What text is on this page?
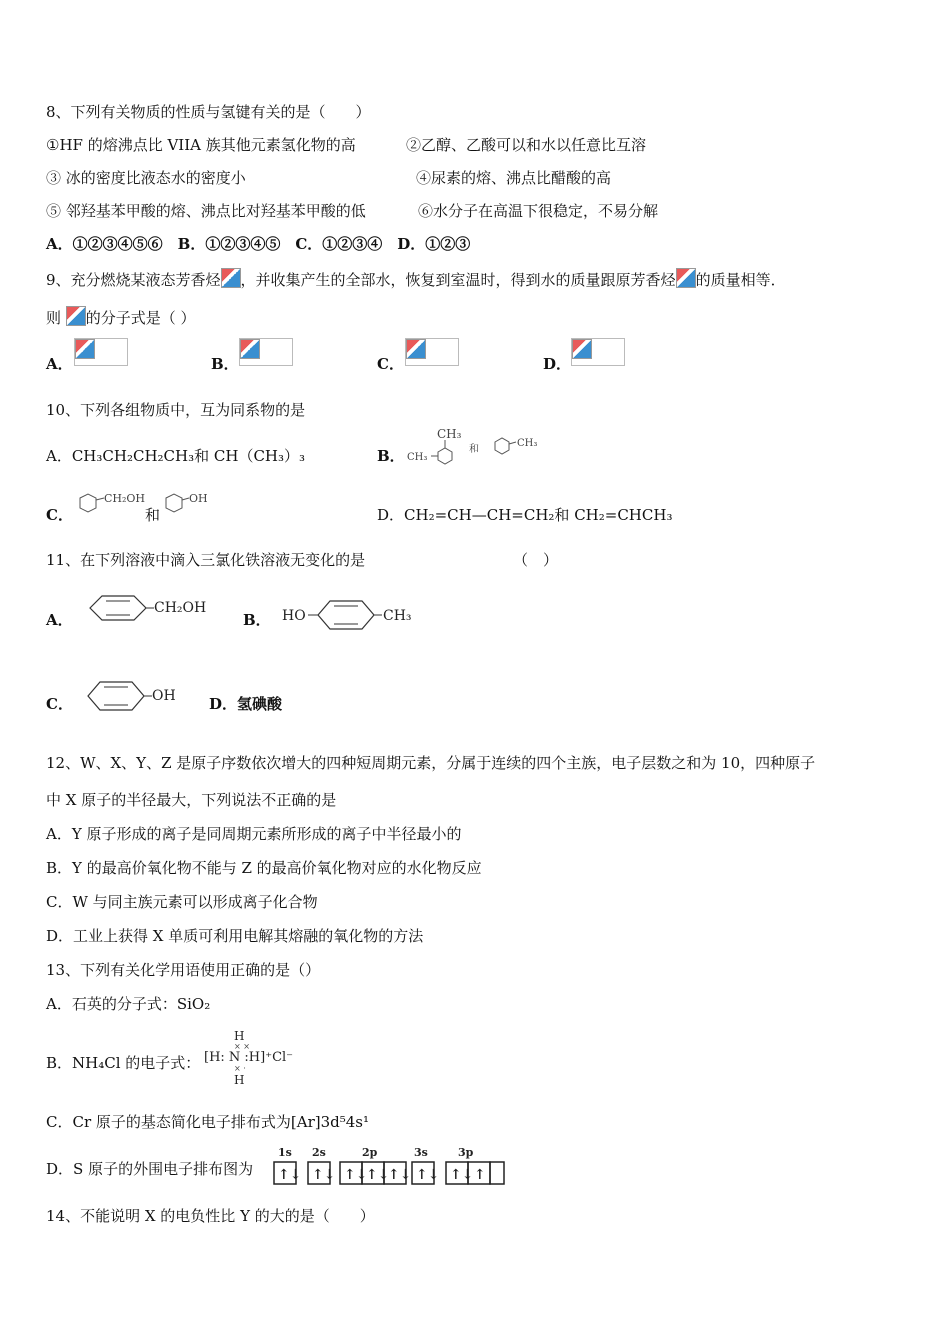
8、下列有关物质的性质与氢键有关的是（　　）
①HF 的熔沸点比 VIIA 族其他元素氢化物的高	②乙醇、乙酸可以和水以任意比互溶
③ 冰的密度比液态水的密度小	④尿素的熔、沸点比醋酸的高
⑤ 邻羟基苯甲酸的熔、沸点比对羟基苯甲酸的低	⑥水分子在高温下很稳定，不易分解
A．①②③④⑤⑥　B．①②③④⑤　C．①②③④　D．①②③
9、充分燃烧某液态芳香烃 ，并收集产生的全部水，恢复到室温时，得到水的质量跟原芳香烃 的质量相等．
则 的分子式是（ ）
A．	B．	C．	D．
10、下列各组物质中，互为同系物的是
A．CH₃CH₂CH₂CH₃和 CH（CH₃）₃	B．
CH₃
CH₃
和
CH₃
C．
CH₂OH	OH
和	D．CH₂=CH—CH=CH₂和 CH₂=CHCH₃
11、在下列溶液中滴入三氯化铁溶液无变化的是	（　）
A．
CH₂OH
B． HO	CH₃
C．	OH D．氢碘酸
12、W、X、Y、Z 是原子序数依次增大的四种短周期元素，分属于连续的四个主族，电子层数之和为 10，四种原子
中 X 原子的半径最大，下列说法不正确的是
A．Y 原子形成的离子是同周期元素所形成的离子中半径最小的
B．Y 的最高价氧化物不能与 Z 的最高价氧化物对应的水化物反应
C．W 与同主族元素可以形成离子化合物
D．工业上获得 X 单质可利用电解其熔融的氧化物的方法
13、下列有关化学用语使用正确的是（）
A．石英的分子式：SiO₂
B．NH₄Cl 的电子式：
H
H
[H: N :H]⁺Cl⁻
× ×
× ·
C．Cr 原子的基态简化电子排布式为[Ar]3d⁵4s¹
D．S 原子的外围电子排布图为
1s 2s	2p	3s	3p
↑↓ ↑↓ ↑↓
↑↓
↑↓ ↑↓ ↑↓ ↑
14、不能说明 X 的电负性比 Y 的大的是（　　）
